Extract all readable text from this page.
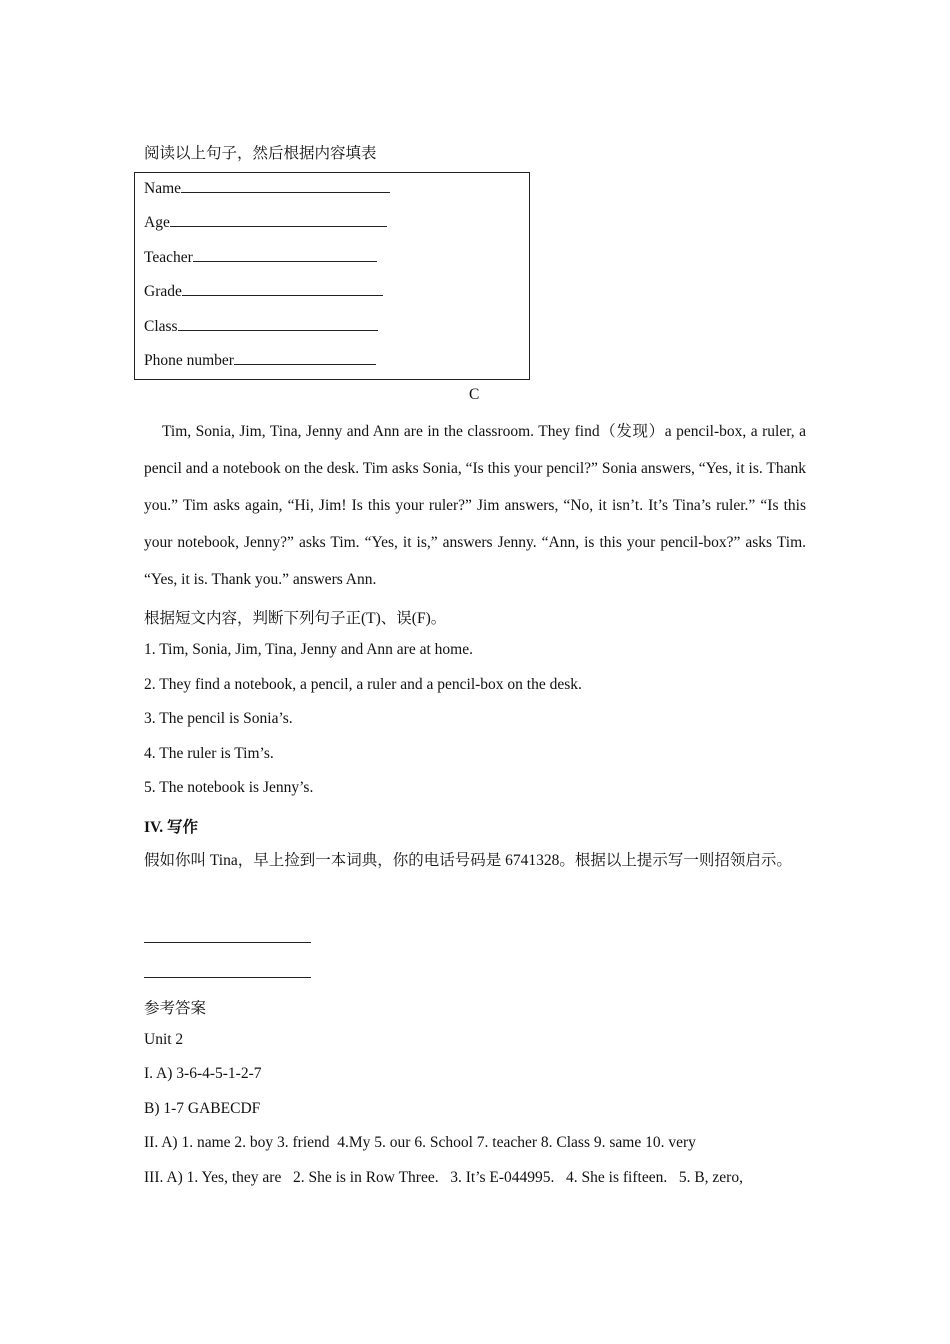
阅读以上句子，然后根据内容填表
Name
Age
Teacher
Grade
Class
Phone number
C
Tim, Sonia, Jim, Tina, Jenny and Ann are in the classroom. They find（发现）a pencil-box, a ruler, a pencil and a notebook on the desk. Tim asks Sonia, “Is this your pencil?” Sonia answers, “Yes, it is. Thank you.” Tim asks again, “Hi, Jim! Is this your ruler?” Jim answers, “No, it isn’t. It’s Tina’s ruler.” “Is this your notebook, Jenny?” asks Tim. “Yes, it is,” answers Jenny. “Ann, is this your pencil-box?” asks Tim. “Yes, it is. Thank you.” answers Ann.
根据短文内容，判断下列句子正(T)、误(F)。
1. Tim, Sonia, Jim, Tina, Jenny and Ann are at home.
2. They find a notebook, a pencil, a ruler and a pencil-box on the desk.
3. The pencil is Sonia’s.
4. The ruler is Tim’s.
5. The notebook is Jenny’s.
IV. 写作
假如你叫 Tina，早上捡到一本词典，你的电话号码是 6741328。根据以上提示写一则招领启示。
参考答案
Unit 2
I. A) 3-6-4-5-1-2-7
B) 1-7 GABECDF
II. A) 1. name 2. boy 3. friend  4.My 5. our 6. School 7. teacher 8. Class 9. same 10. very
III. A) 1. Yes, they are   2. She is in Row Three.   3. It’s E-044995.   4. She is fifteen.   5. B, zero,
